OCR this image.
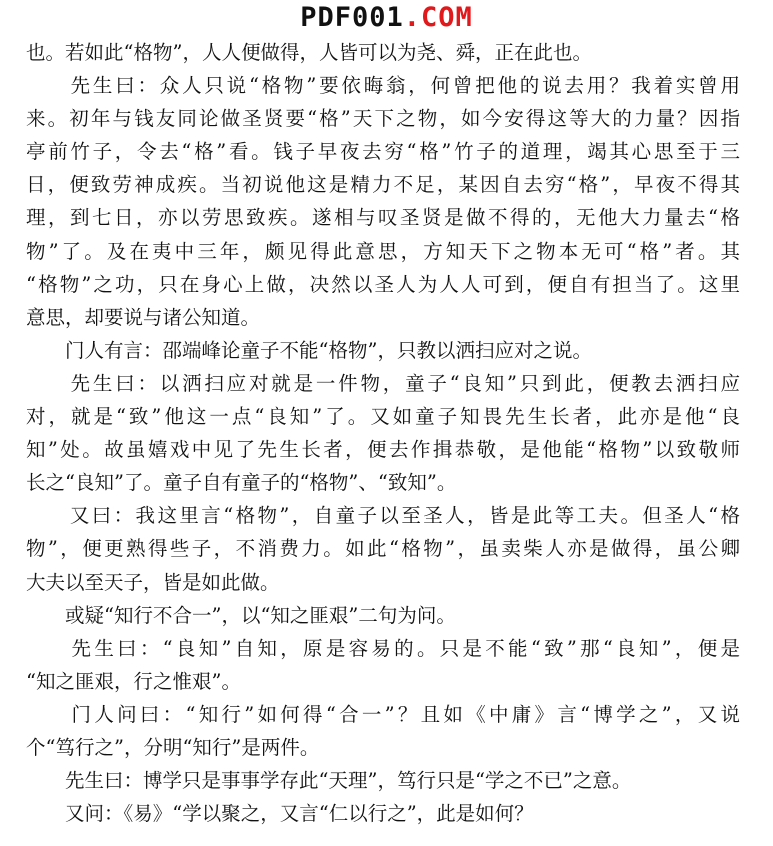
PDF001.COM
也。若如此“格物”，人人便做得，人皆可以为尧、舜，正在此也。
　　先生曰：众人只说“格物”要依晦翁，何曾把他的说去用？我着实曾用
来。初年与钱友同论做圣贤要“格”天下之物，如今安得这等大的力量？因指
亭前竹子，令去“格”看。钱子早夜去穷“格”竹子的道理，竭其心思至于三
日，便致劳神成疾。当初说他这是精力不足，某因自去穷“格”，早夜不得其
理，到七日，亦以劳思致疾。遂相与叹圣贤是做不得的，无他大力量去“格
物”了。及在夷中三年，颇见得此意思，方知天下之物本无可“格”者。其
“格物”之功，只在身心上做，决然以圣人为人人可到，便自有担当了。这里
意思，却要说与诸公知道。
　　门人有言：邵端峰论童子不能“格物”，只教以洒扫应对之说。
　　先生曰：以洒扫应对就是一件物，童子“良知”只到此，便教去洒扫应
对，就是“致”他这一点“良知”了。又如童子知畏先生长者，此亦是他“良
知”处。故虽嬉戏中见了先生长者，便去作揖恭敬，是他能“格物”以致敬师
长之“良知”了。童子自有童子的“格物”、“致知”。
　　又曰：我这里言“格物”，自童子以至圣人，皆是此等工夫。但圣人“格
物”，便更熟得些子，不消费力。如此“格物”，虽卖柴人亦是做得，虽公卿
大夫以至天子，皆是如此做。
　　或疑“知行不合一”，以“知之匪艰”二句为问。
　　先生曰：“良知”自知，原是容易的。只是不能“致”那“良知”，便是
“知之匪艰，行之惟艰”。
　　门人问曰：“知行”如何得“合一”？且如《中庸》言“博学之”，又说
个“笃行之”，分明“知行”是两件。
　　先生曰：博学只是事事学存此“天理”，笃行只是“学之不已”之意。
　　又问：《易》“学以聚之，又言“仁以行之”，此是如何？
